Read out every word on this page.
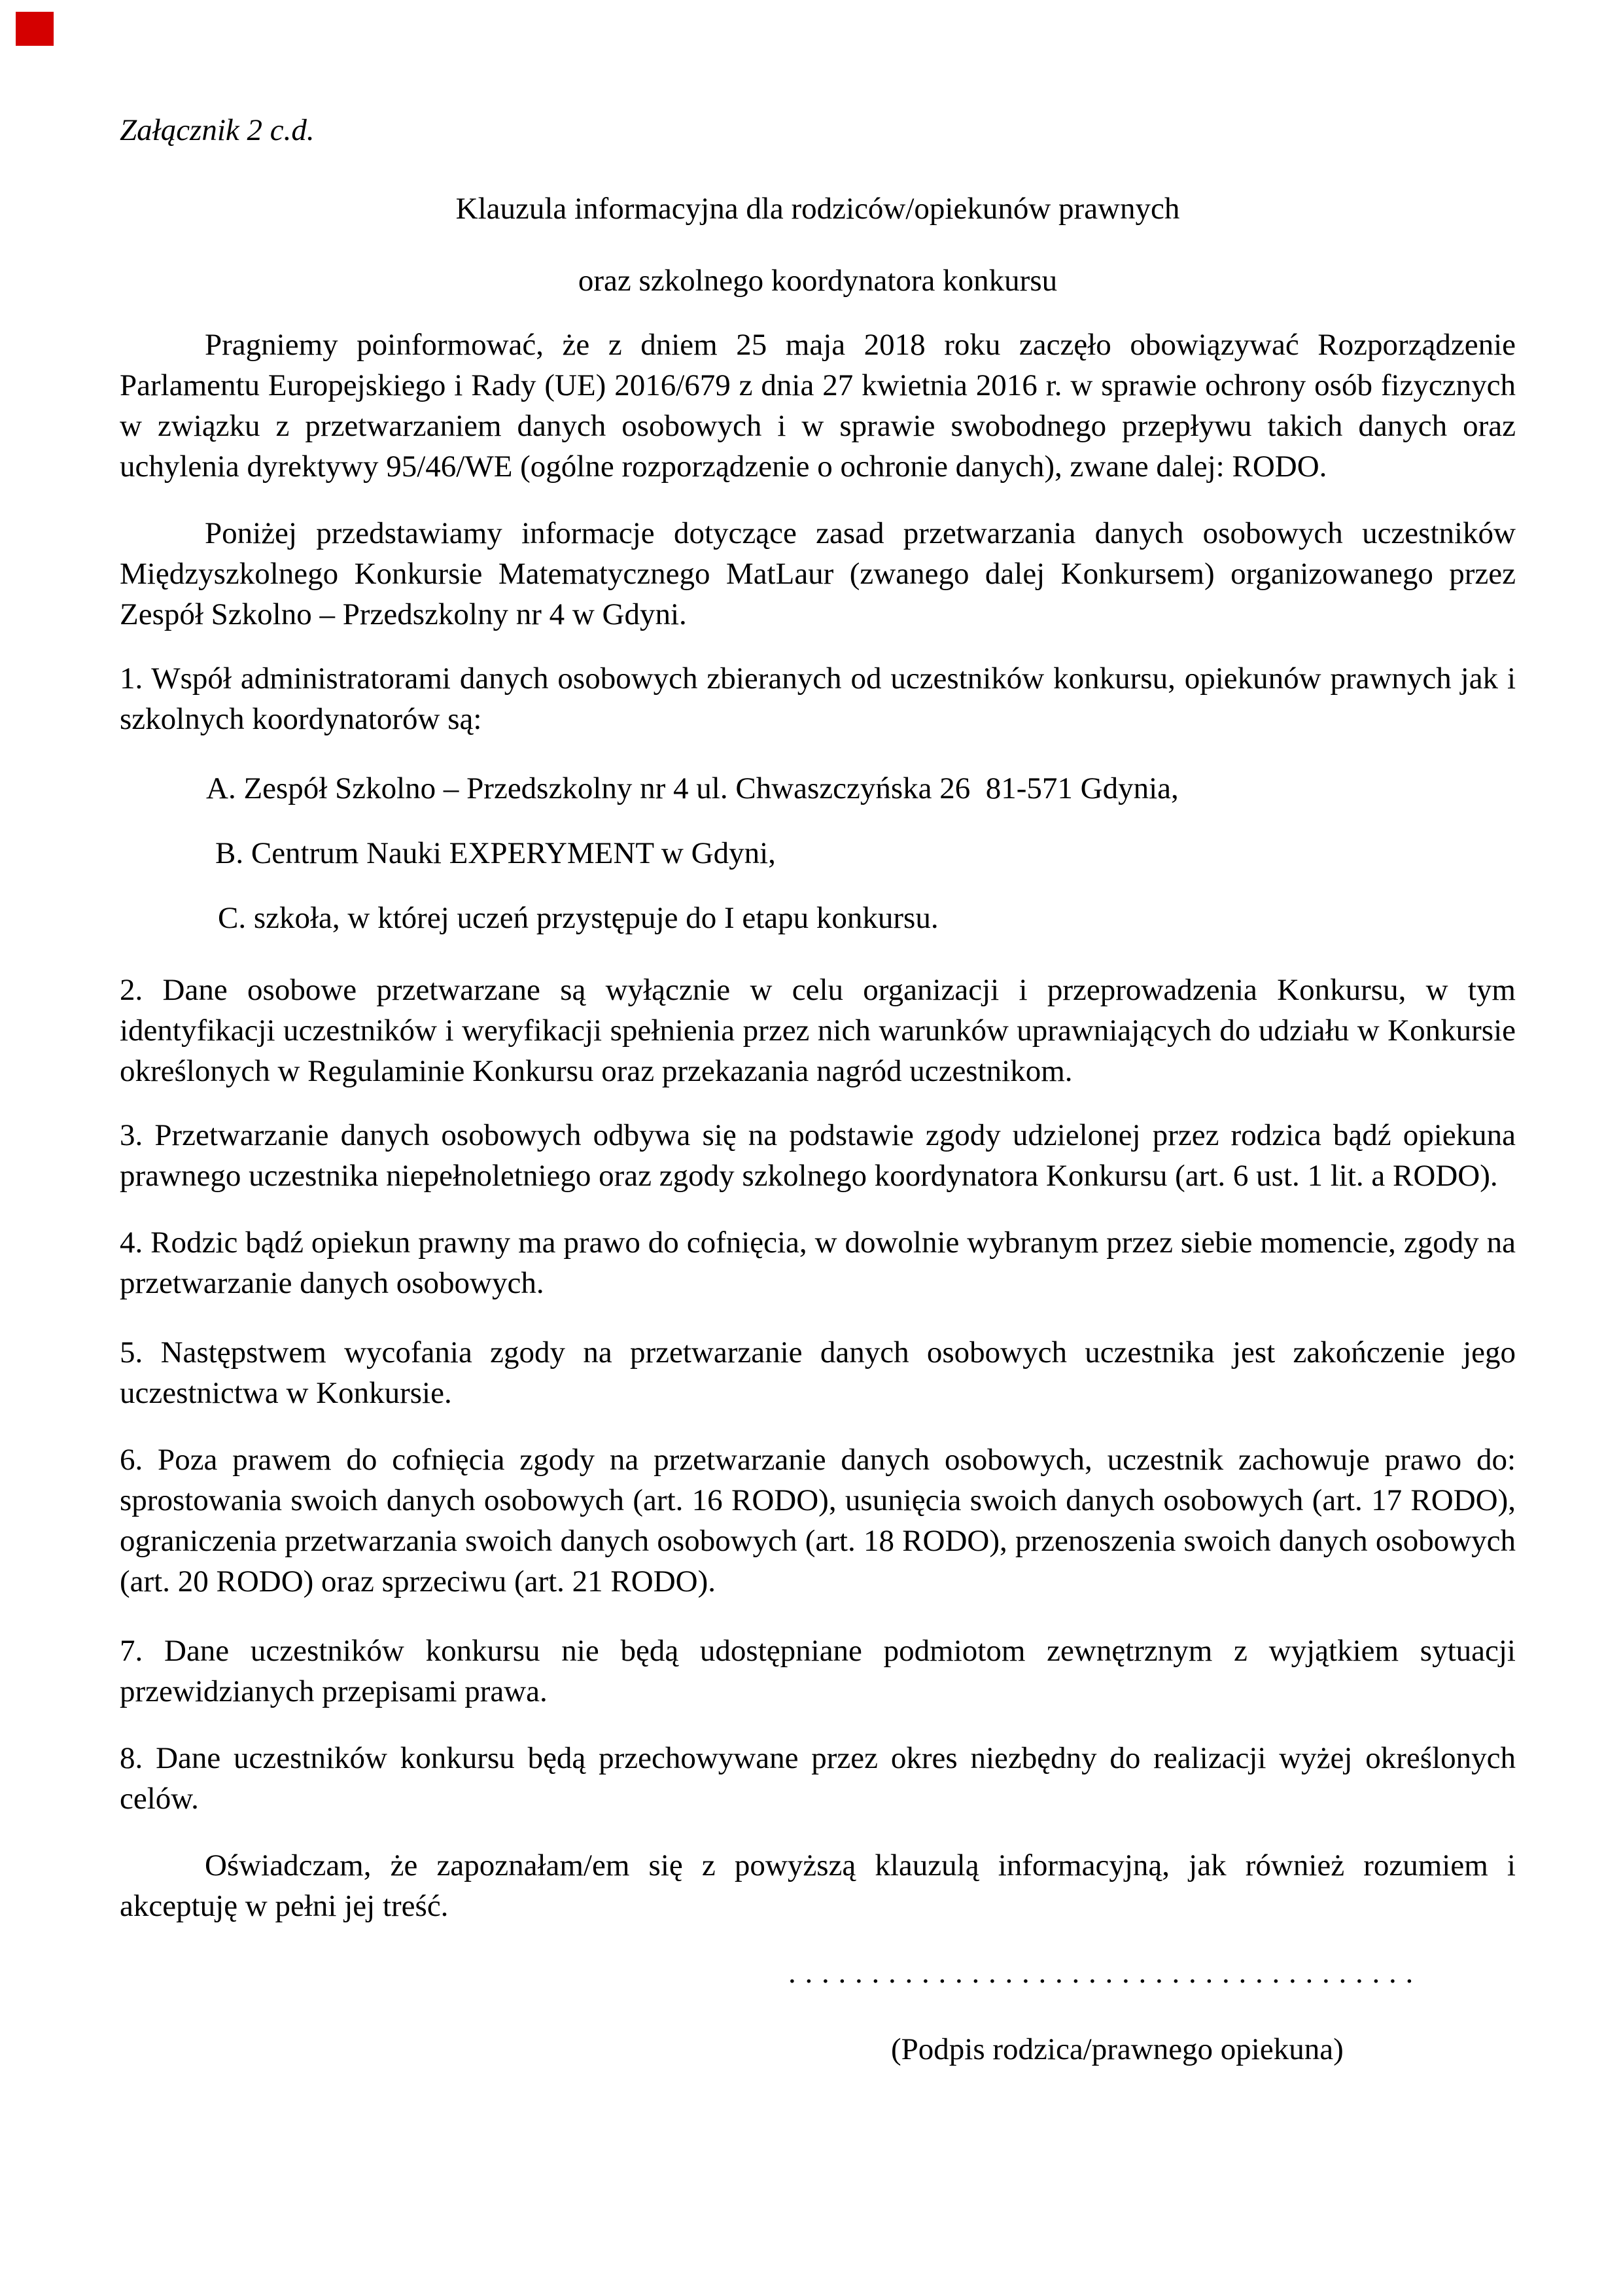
Załącznik 2 c.d.

Klauzula informacyjna dla rodziców/opiekunów prawnych

oraz szkolnego koordynatora konkursu

Pragniemy poinformować, że z dniem 25 maja 2018 roku zaczęło obowiązywać Rozporządzenie Parlamentu Europejskiego i Rady (UE) 2016/679 z dnia 27 kwietnia 2016 r. w sprawie ochrony osób fizycznych w związku z przetwarzaniem danych osobowych i w sprawie swobodnego przepływu takich danych oraz uchylenia dyrektywy 95/46/WE (ogólne rozporządzenie o ochronie danych), zwane dalej: RODO.

Poniżej przedstawiamy informacje dotyczące zasad przetwarzania danych osobowych uczestników Międzyszkolnego Konkursie Matematycznego MatLaur (zwanego dalej Konkursem) organizowanego przez Zespół Szkolno – Przedszkolny nr 4 w Gdyni.

1. Współ administratorami danych osobowych zbieranych od uczestników konkursu, opiekunów prawnych jak i szkolnych koordynatorów są:

A. Zespół Szkolno – Przedszkolny nr 4 ul. Chwaszczyńska 26  81-571 Gdynia,

B. Centrum Nauki EXPERYMENT w Gdyni,

C. szkoła, w której uczeń przystępuje do I etapu konkursu.

2. Dane osobowe przetwarzane są wyłącznie w celu organizacji i przeprowadzenia Konkursu, w tym identyfikacji uczestników i weryfikacji spełnienia przez nich warunków uprawniających do udziału w Konkursie określonych w Regulaminie Konkursu oraz przekazania nagród uczestnikom.

3. Przetwarzanie danych osobowych odbywa się na podstawie zgody udzielonej przez rodzica bądź opiekuna prawnego uczestnika niepełnoletniego oraz zgody szkolnego koordynatora Konkursu (art. 6 ust. 1 lit. a RODO).

4. Rodzic bądź opiekun prawny ma prawo do cofnięcia, w dowolnie wybranym przez siebie momencie, zgody na przetwarzanie danych osobowych.

5. Następstwem wycofania zgody na przetwarzanie danych osobowych uczestnika jest zakończenie jego uczestnictwa w Konkursie.

6. Poza prawem do cofnięcia zgody na przetwarzanie danych osobowych, uczestnik zachowuje prawo do: sprostowania swoich danych osobowych (art. 16 RODO), usunięcia swoich danych osobowych (art. 17 RODO), ograniczenia przetwarzania swoich danych osobowych (art. 18 RODO), przenoszenia swoich danych osobowych (art. 20 RODO) oraz sprzeciwu (art. 21 RODO).

7. Dane uczestników konkursu nie będą udostępniane podmiotom zewnętrznym z wyjątkiem sytuacji przewidzianych przepisami prawa.

8. Dane uczestników konkursu będą przechowywane przez okres niezbędny do realizacji wyżej określonych celów.

Oświadczam, że zapoznałam/em się z powyższą klauzulą informacyjną, jak również rozumiem i akceptuję w pełni jej treść.

. . . . . . . . . . . . . . . . . . . . . . . . . . . . . . . . . . . . . .

(Podpis rodzica/prawnego opiekuna)
